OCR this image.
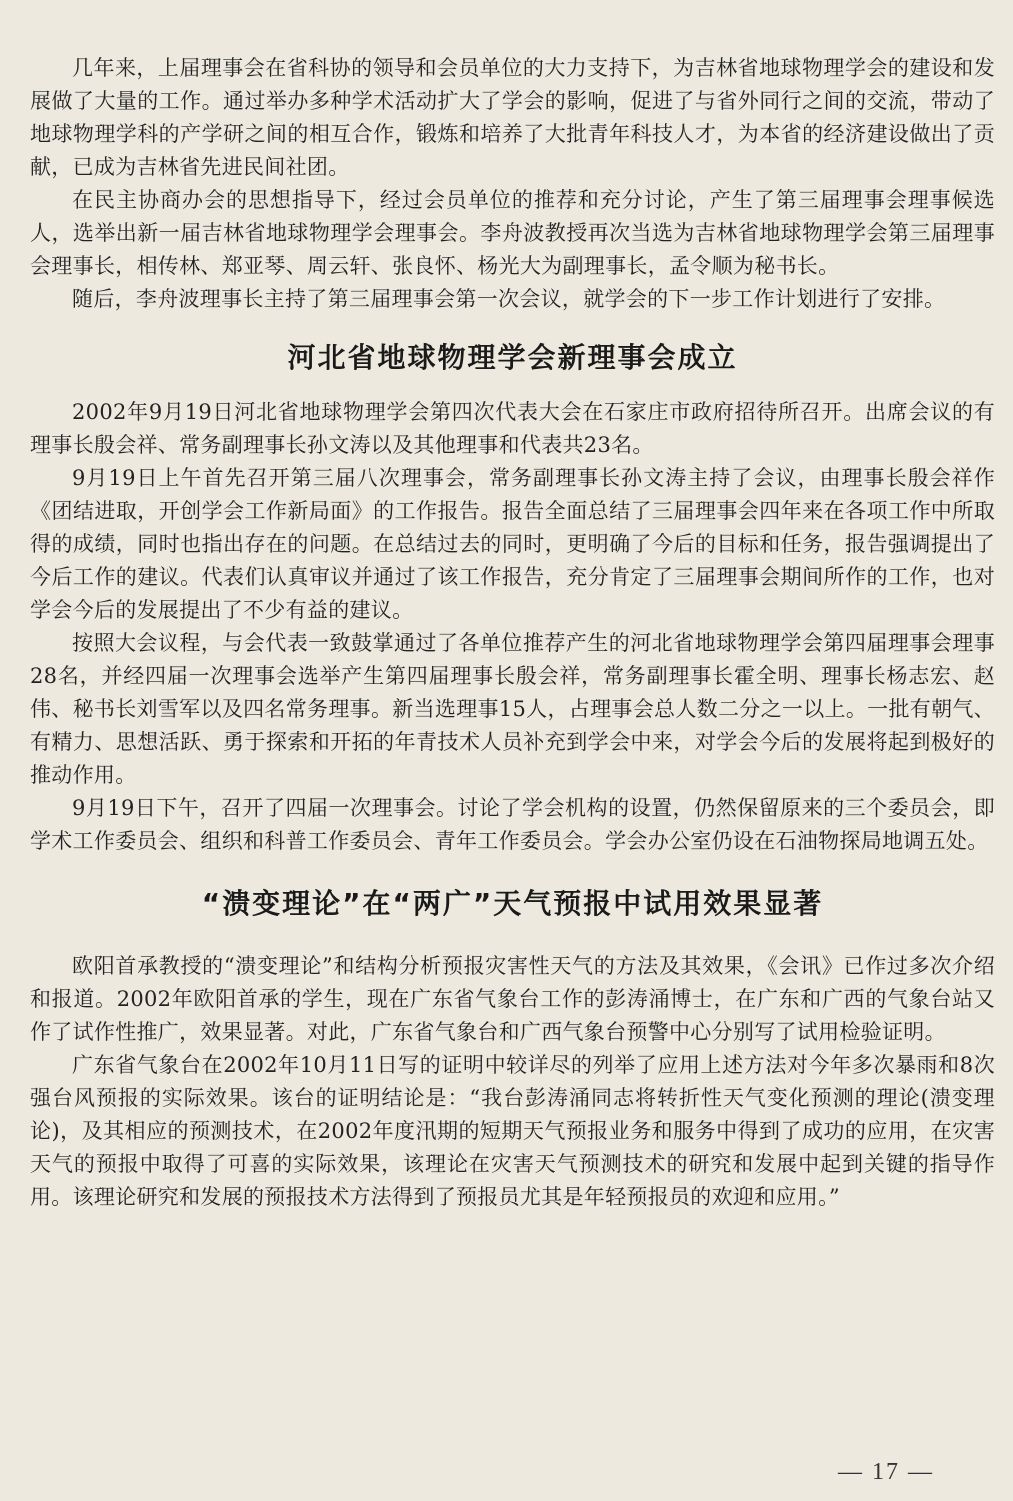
几年来，上届理事会在省科协的领导和会员单位的大力支持下，为吉林省地球物理学会的建设和发展做了大量的工作。通过举办多种学术活动扩大了学会的影响，促进了与省外同行之间的交流，带动了地球物理学科的产学研之间的相互合作，锻炼和培养了大批青年科技人才，为本省的经济建设做出了贡献，已成为吉林省先进民间社团。

在民主协商办会的思想指导下，经过会员单位的推荐和充分讨论，产生了第三届理事会理事候选人，选举出新一届吉林省地球物理学会理事会。李舟波教授再次当选为吉林省地球物理学会第三届理事会理事长，相传林、郑亚琴、周云轩、张良怀、杨光大为副理事长，孟令顺为秘书长。

随后，李舟波理事长主持了第三届理事会第一次会议，就学会的下一步工作计划进行了安排。

河北省地球物理学会新理事会成立

2002年9月19日河北省地球物理学会第四次代表大会在石家庄市政府招待所召开。出席会议的有理事长殷会祥、常务副理事长孙文涛以及其他理事和代表共23名。

9月19日上午首先召开第三届八次理事会，常务副理事长孙文涛主持了会议，由理事长殷会祥作《团结进取，开创学会工作新局面》的工作报告。报告全面总结了三届理事会四年来在各项工作中所取得的成绩，同时也指出存在的问题。在总结过去的同时，更明确了今后的目标和任务，报告强调提出了今后工作的建议。代表们认真审议并通过了该工作报告，充分肯定了三届理事会期间所作的工作，也对学会今后的发展提出了不少有益的建议。

按照大会议程，与会代表一致鼓掌通过了各单位推荐产生的河北省地球物理学会第四届理事会理事28名，并经四届一次理事会选举产生第四届理事长殷会祥，常务副理事长霍全明、理事长杨志宏、赵伟、秘书长刘雪军以及四名常务理事。新当选理事15人，占理事会总人数二分之一以上。一批有朝气、有精力、思想活跃、勇于探索和开拓的年青技术人员补充到学会中来，对学会今后的发展将起到极好的推动作用。

9月19日下午，召开了四届一次理事会。讨论了学会机构的设置，仍然保留原来的三个委员会，即学术工作委员会、组织和科普工作委员会、青年工作委员会。学会办公室仍设在石油物探局地调五处。

“溃变理论”在“两广”天气预报中试用效果显著

欧阳首承教授的“溃变理论”和结构分析预报灾害性天气的方法及其效果，《会讯》已作过多次介绍和报道。2002年欧阳首承的学生，现在广东省气象台工作的彭涛涌博士，在广东和广西的气象台站又作了试作性推广，效果显著。对此，广东省气象台和广西气象台预警中心分别写了试用检验证明。

广东省气象台在2002年10月11日写的证明中较详尽的列举了应用上述方法对今年多次暴雨和8次强台风预报的实际效果。该台的证明结论是：“我台彭涛涌同志将转折性天气变化预测的理论(溃变理论)，及其相应的预测技术，在2002年度汛期的短期天气预报业务和服务中得到了成功的应用，在灾害天气的预报中取得了可喜的实际效果，该理论在灾害天气预测技术的研究和发展中起到关键的指导作用。该理论研究和发展的预报技术方法得到了预报员尤其是年轻预报员的欢迎和应用。”

— 17 —
